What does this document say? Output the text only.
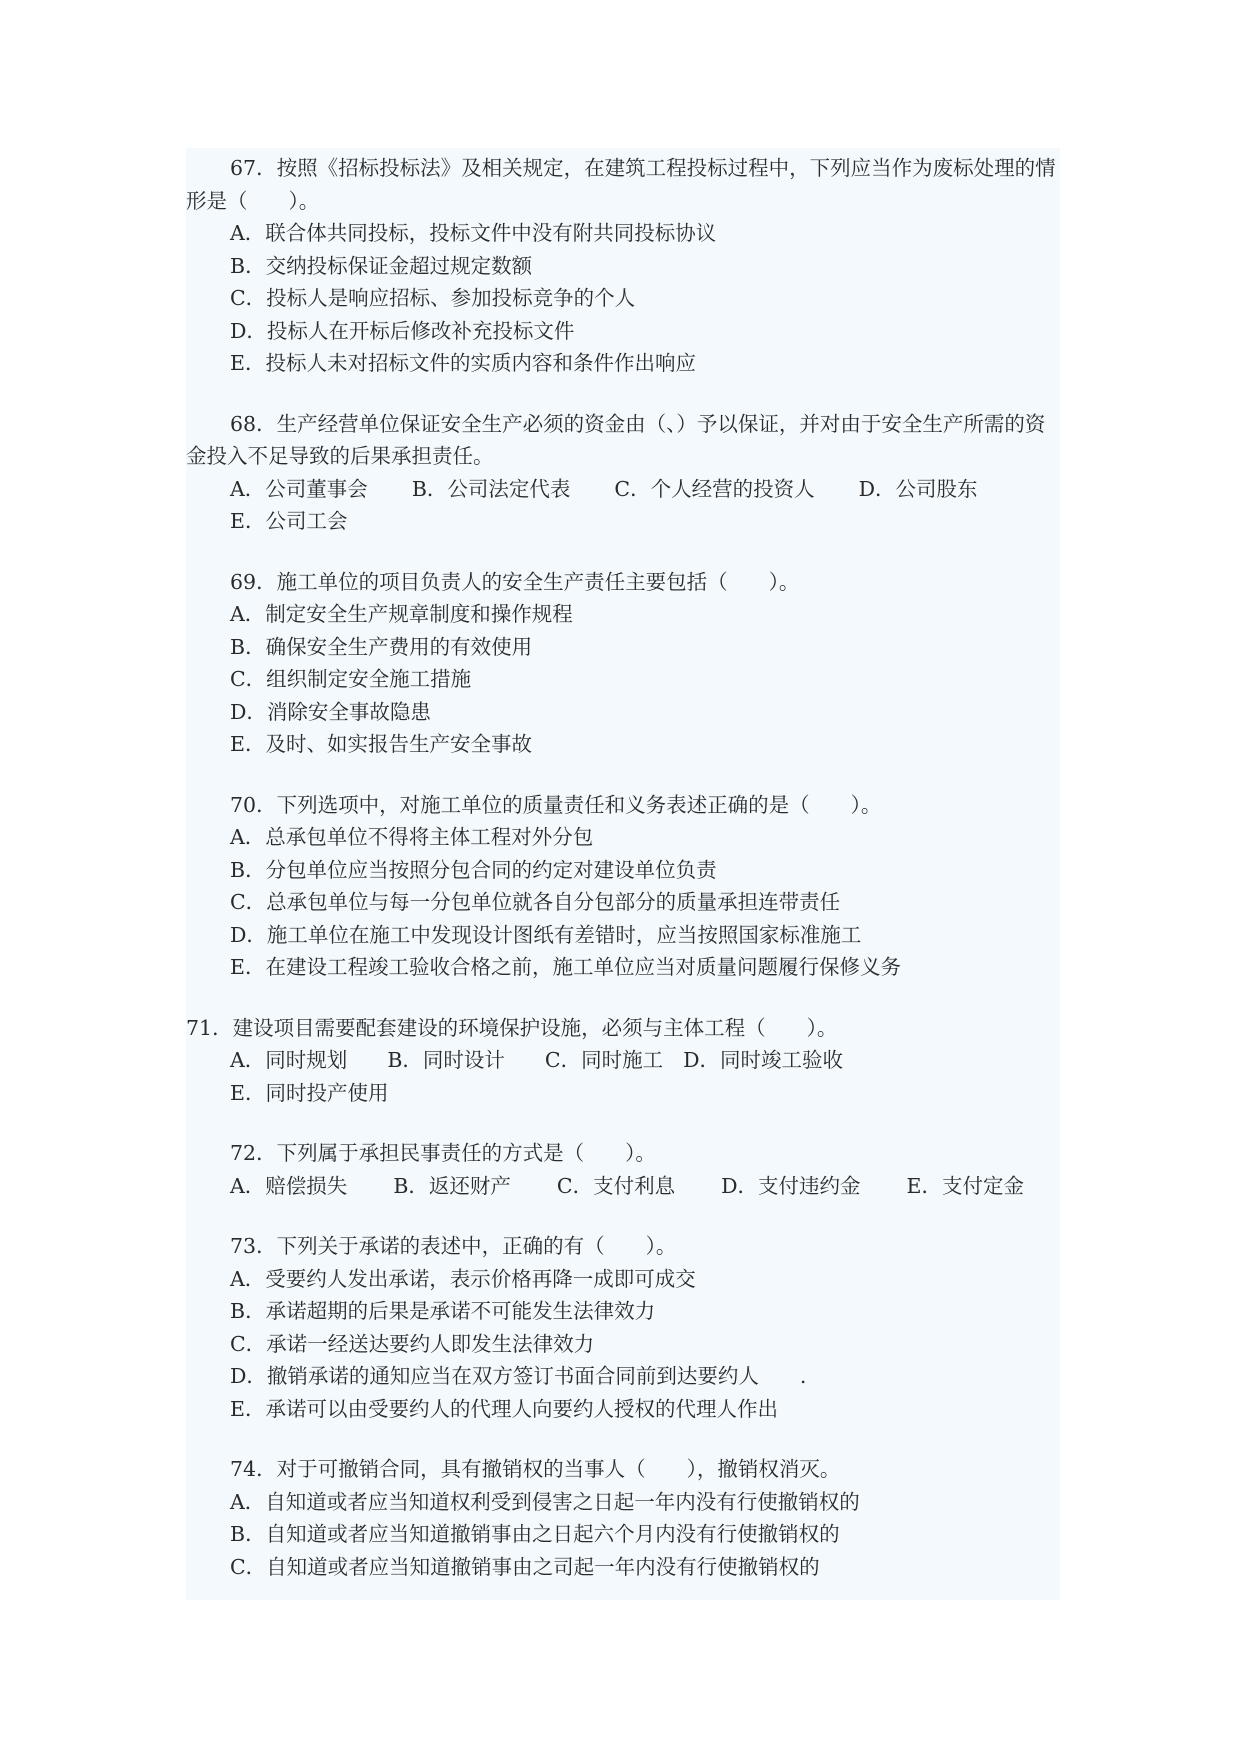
67．按照《招标投标法》及相关规定，在建筑工程投标过程中，下列应当作为废标处理的情形是（　　）。

A．联合体共同投标，投标文件中没有附共同投标协议

B．交纳投标保证金超过规定数额

C．投标人是响应招标、参加投标竞争的个人

D．投标人在开标后修改补充投标文件

E．投标人未对招标文件的实质内容和条件作出响应

68．生产经营单位保证安全生产必须的资金由（、）予以保证，并对由于安全生产所需的资金投入不足导致的后果承担责任。

A．公司董事会 B．公司法定代表 C．个人经营的投资人 D．公司股东

E．公司工会

69．施工单位的项目负责人的安全生产责任主要包括（　　）。

A．制定安全生产规章制度和操作规程

B．确保安全生产费用的有效使用

C．组织制定安全施工措施

D．消除安全事故隐患

E．及时、如实报告生产安全事故

70．下列选项中，对施工单位的质量责任和义务表述正确的是（　　）。

A．总承包单位不得将主体工程对外分包

B．分包单位应当按照分包合同的约定对建设单位负责

C．总承包单位与每一分包单位就各自分包部分的质量承担连带责任

D．施工单位在施工中发现设计图纸有差错时，应当按照国家标准施工

E．在建设工程竣工验收合格之前，施工单位应当对质量问题履行保修义务

71．建设项目需要配套建设的环境保护设施，必须与主体工程（　　）。

A．同时规划 B．同时设计 C．同时施工 D．同时竣工验收

E．同时投产使用

72．下列属于承担民事责任的方式是（　　）。

A．赔偿损失 B．返还财产 C．支付利息 D．支付违约金 E．支付定金

73．下列关于承诺的表述中，正确的有（　　）。

A．受要约人发出承诺，表示价格再降一成即可成交

B．承诺超期的后果是承诺不可能发生法律效力

C．承诺一经送达要约人即发生法律效力

D．撤销承诺的通知应当在双方签订书面合同前到达要约人　　.

E．承诺可以由受要约人的代理人向要约人授权的代理人作出

74．对于可撤销合同，具有撤销权的当事人（　　），撤销权消灭。

A．自知道或者应当知道权利受到侵害之日起一年内没有行使撤销权的

B．自知道或者应当知道撤销事由之日起六个月内没有行使撤销权的

C．自知道或者应当知道撤销事由之司起一年内没有行使撤销权的
